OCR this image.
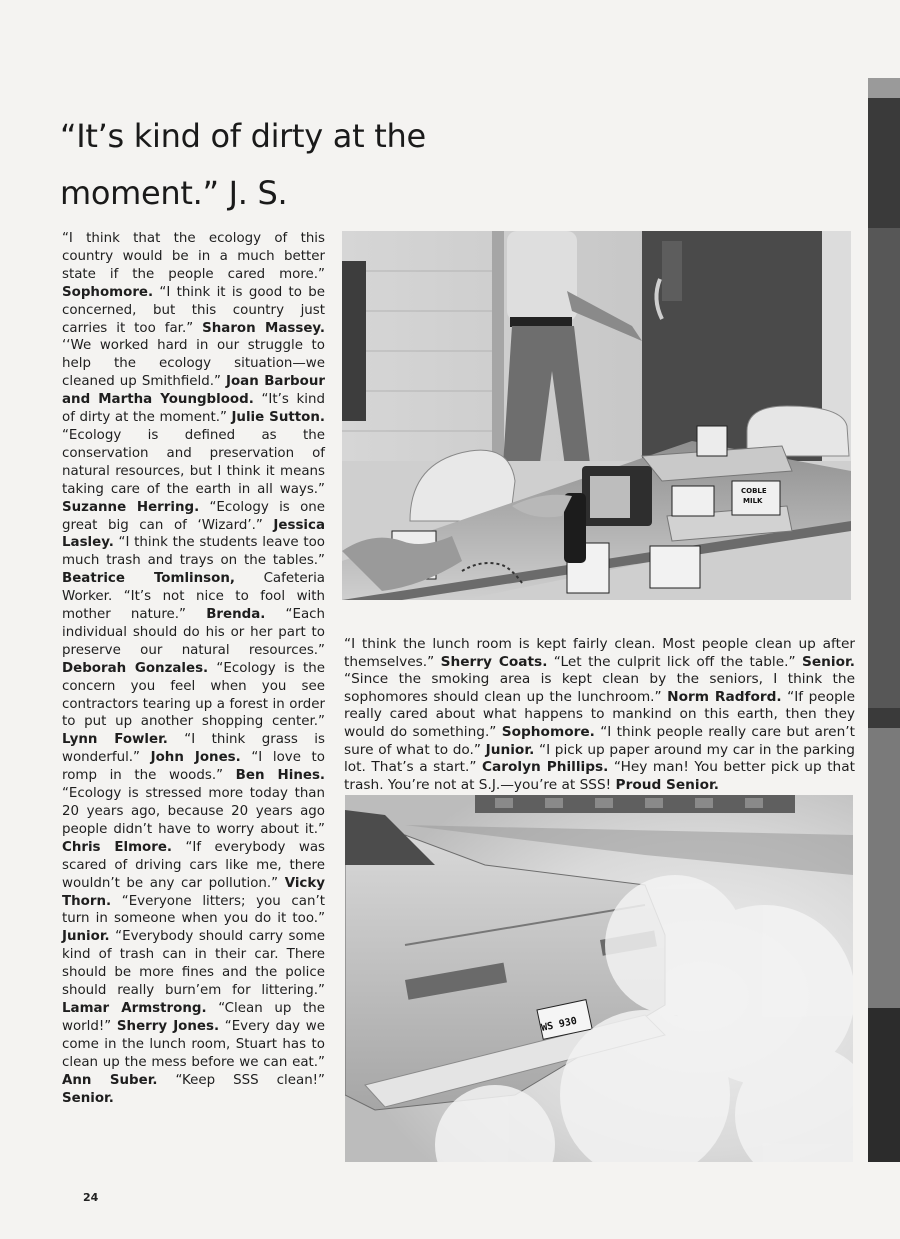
“It’s kind of dirty at the
moment.” J. S.
“I think that the ecology of this country would be in a much better state if the people cared more.” Sophomore. “I think it is good to be concerned, but this country just carries it too far.” Sharon Massey. ‘‘We worked hard in our struggle to help the ecology situation—we cleaned up Smithfield.” Joan Barbour and Martha Youngblood. “It’s kind of dirty at the moment.” Julie Sutton. “Ecology is defined as the conservation and preservation of natural resources, but I think it means taking care of the earth in all ways.” Suzanne Herring. “Ecology is one great big can of ‘Wizard’.” Jessica Lasley. “I think the students leave too much trash and trays on the tables.” Beatrice Tomlinson, Cafeteria Worker. “It’s not nice to fool with mother nature.” Brenda. “Each individual should do his or her part to preserve our natural resources.” Deborah Gonzales. “Ecology is the concern you feel when you see contractors tearing up a forest in order to put up another shopping center.” Lynn Fowler. “I think grass is wonderful.” John Jones. “I love to romp in the woods.” Ben Hines. “Ecology is stressed more today than 20 years ago, because 20 years ago people didn’t have to worry about it.” Chris Elmore. “If everybody was scared of driving cars like me, there wouldn’t be any car pollution.” Vicky Thorn. “Everyone litters; you can’t turn in someone when you do it too.” Junior. “Everybody should carry some kind of trash can in their car. There should be more fines and the police should really burn’em for littering.” Lamar Armstrong. “Clean up the world!” Sherry Jones. “Every day we come in the lunch room, Stuart has to clean up the mess before we can eat.” Ann Suber. “Keep SSS clean!” Senior.
COBLE
MILK
“I think the lunch room is kept fairly clean. Most people clean up after themselves.” Sherry Coats. “Let the culprit lick off the table.” Senior. “Since the smoking area is kept clean by the seniors, I think the sophomores should clean up the lunchroom.” Norm Radford. “If people really cared about what happens to mankind on this earth, then they would do something.” Sophomore. “I think people really care but aren’t sure of what to do.” Junior. “I pick up paper around my car in the parking lot. That’s a start.” Carolyn Phillips. “Hey man! You better pick up that trash. You’re not at S.J.—you’re at SSS! Proud Senior.
WS 930
24
